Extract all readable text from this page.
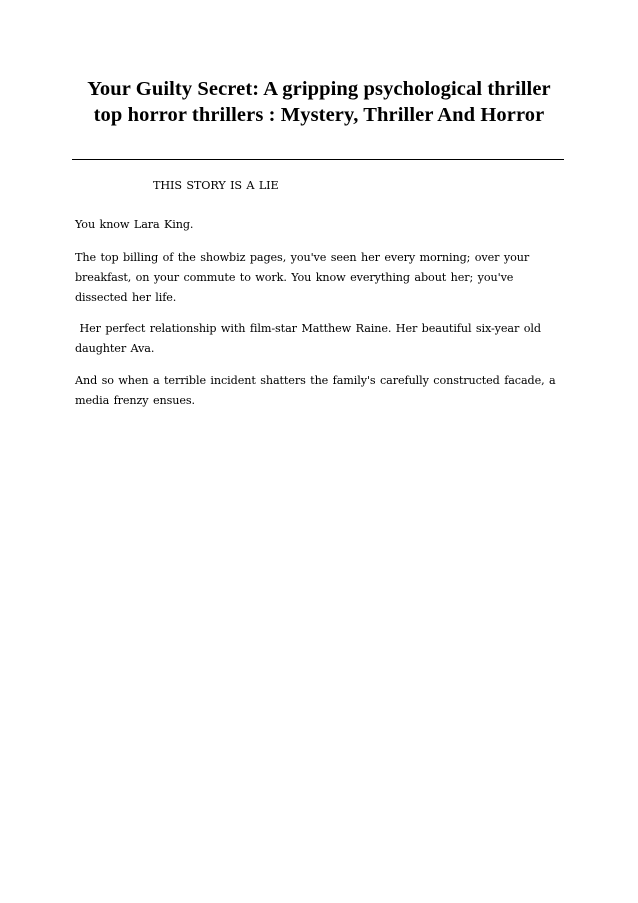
Your Guilty Secret: A gripping psychological thriller top horror thrillers : Mystery, Thriller And Horror

THIS STORY IS A LIE

You know Lara King.

The top billing of the showbiz pages, you've seen her every morning; over your breakfast, on your commute to work. You know everything about her; you've dissected her life.

Her perfect relationship with film-star Matthew Raine. Her beautiful six-year old daughter Ava.

And so when a terrible incident shatters the family's carefully constructed facade, a media frenzy ensues.
